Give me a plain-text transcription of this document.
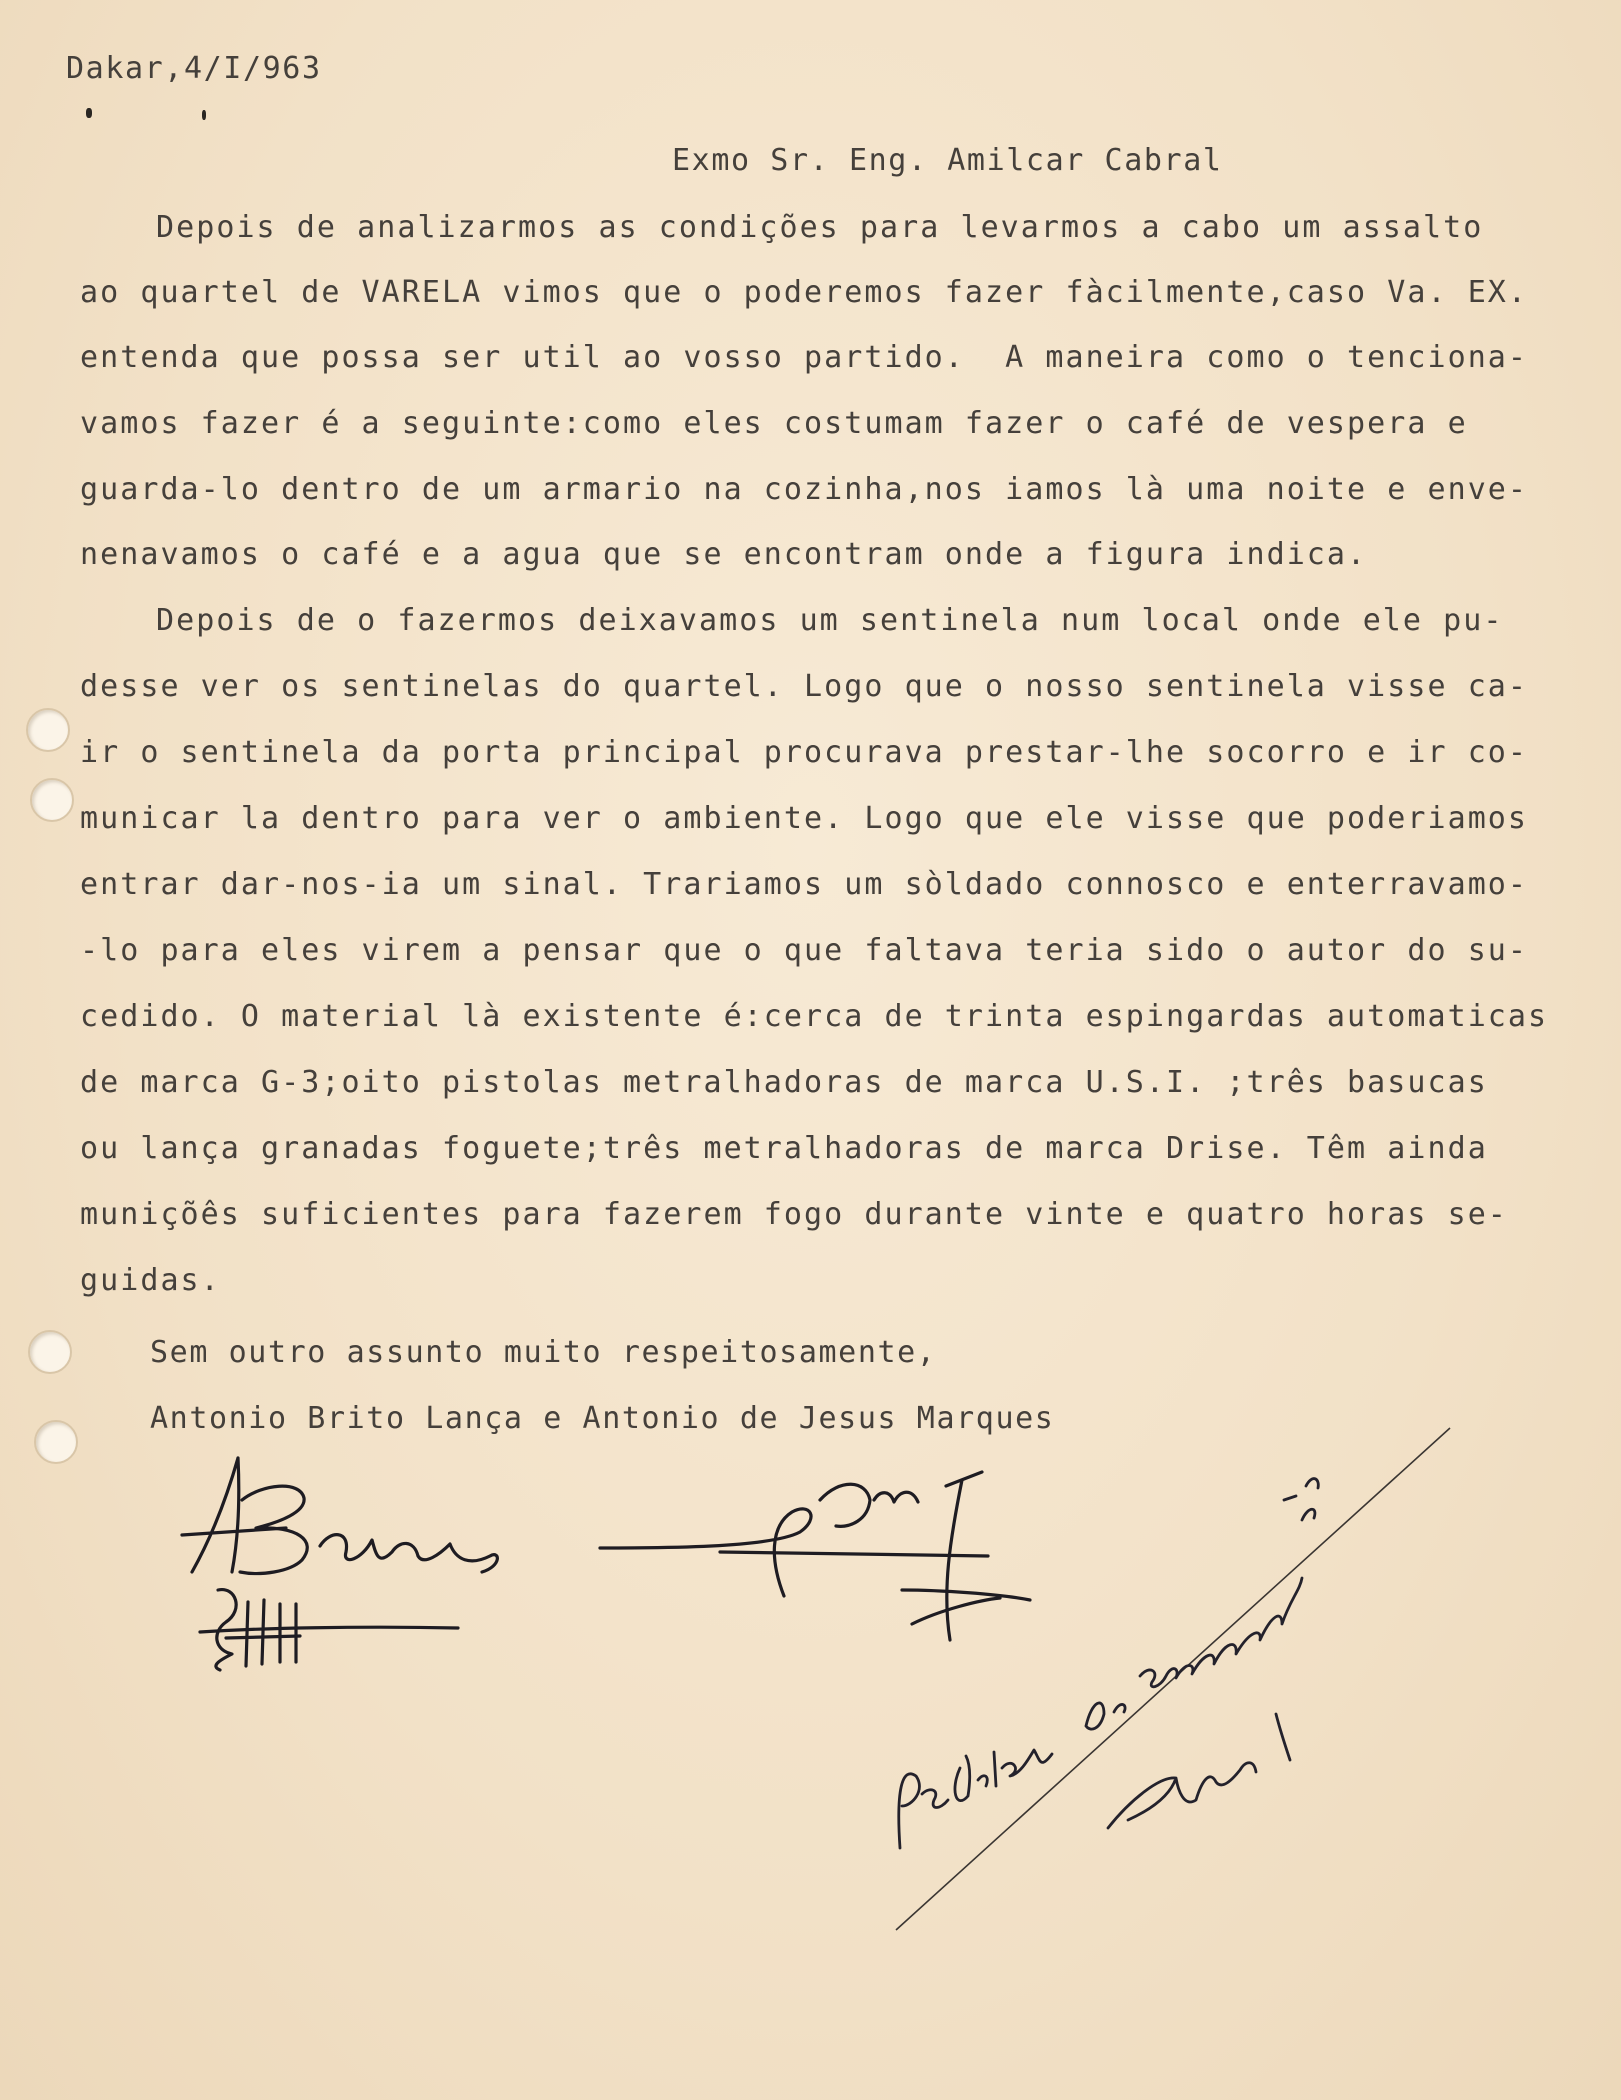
Dakar,4/I/963
Exmo Sr. Eng. Amilcar Cabral
Depois de analizarmos as condições para levarmos a cabo um assalto
ao quartel de VARELA vimos que o poderemos fazer fàcilmente,caso Va. EX.
entenda que possa ser util ao vosso partido.  A maneira como o tenciona-
vamos fazer é a seguinte:como eles costumam fazer o café de vespera e
guarda-lo dentro de um armario na cozinha,nos iamos là uma noite e enve-
nenavamos o café e a agua que se encontram onde a figura indica.
Depois de o fazermos deixavamos um sentinela num local onde ele pu-
desse ver os sentinelas do quartel. Logo que o nosso sentinela visse ca-
ir o sentinela da porta principal procurava prestar-lhe socorro e ir co-
municar la dentro para ver o ambiente. Logo que ele visse que poderiamos
entrar dar-nos-ia um sinal. Trariamos um sòldado connosco e enterravamo-
-lo para eles virem a pensar que o que faltava teria sido o autor do su-
cedido. O material là existente é:cerca de trinta espingardas automaticas
de marca G-3;oito pistolas metralhadoras de marca U.S.I. ;três basucas
ou lança granadas foguete;três metralhadoras de marca Drise. Têm ainda
muniçõês suficientes para fazerem fogo durante vinte e quatro horas se-
guidas.
Sem outro assunto muito respeitosamente,
Antonio Brito Lança e Antonio de Jesus Marques
